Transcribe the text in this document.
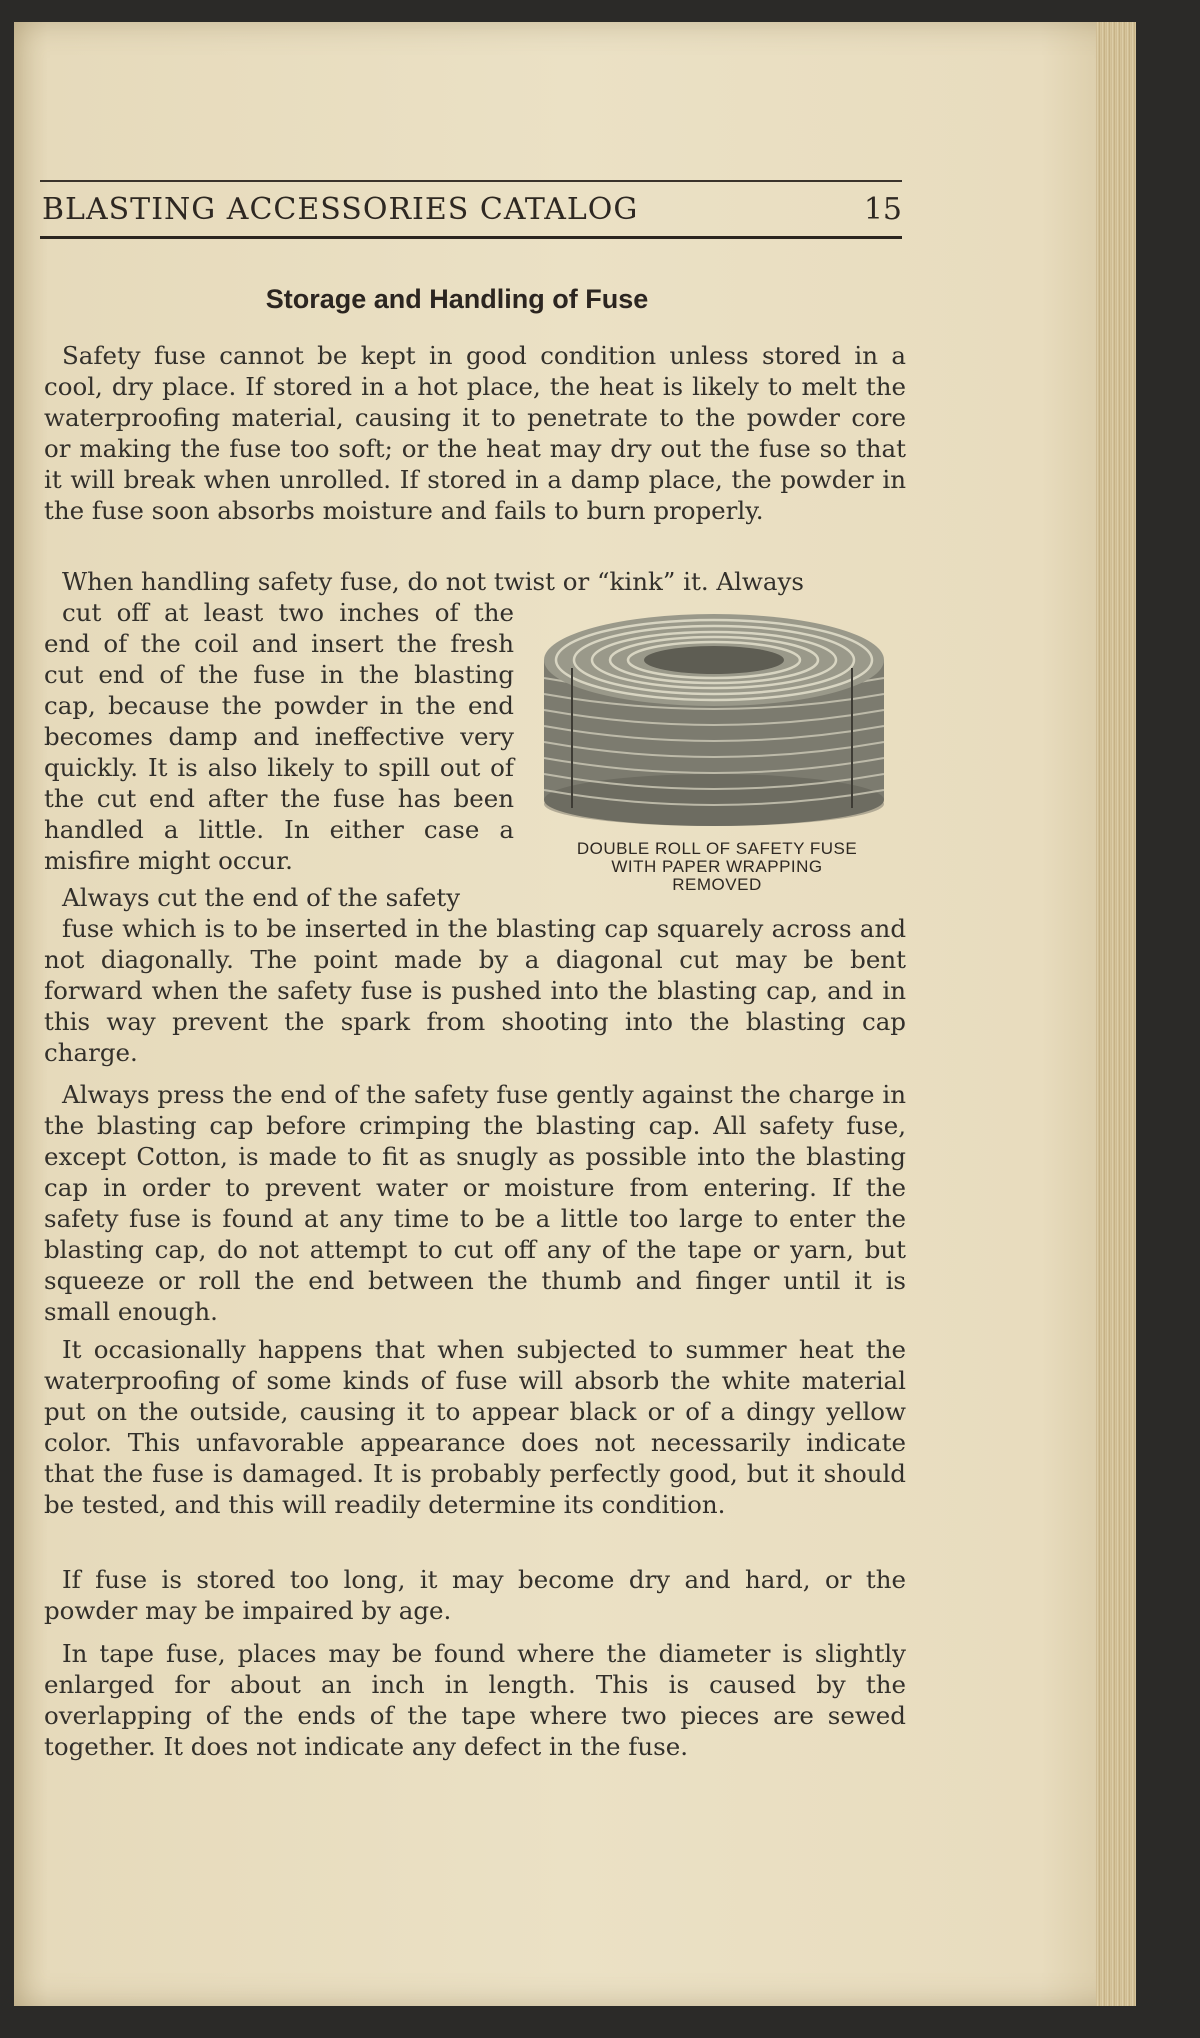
BLASTING ACCESSORIES CATALOG	15
Storage and Handling of Fuse

Safety fuse cannot be kept in good condition unless stored in a cool, dry place. If stored in a hot place, the heat is likely to melt the waterproofing material, causing it to penetrate to the powder core or making the fuse too soft; or the heat may dry out the fuse so that it will break when unrolled. If stored in a damp place, the powder in the fuse soon absorbs moisture and fails to burn properly.

When handling safety fuse, do not twist or “kink” it. Always

cut off at least two inches of the end of the coil and insert the fresh cut end of the fuse in the blasting cap, because the powder in the end becomes damp and ineffective very quickly. It is also likely to spill out of the cut end after the fuse has been handled a little. In either case a misfire might occur.	DOUBLE ROLL OF SAFETY FUSE
WITH PAPER WRAPPING
REMOVED

Always cut the end of the safety

fuse which is to be inserted in the blasting cap squarely across and not diagonally. The point made by a diagonal cut may be bent forward when the safety fuse is pushed into the blasting cap, and in this way prevent the spark from shooting into the blasting cap charge.

Always press the end of the safety fuse gently against the charge in the blasting cap before crimping the blasting cap. All safety fuse, except Cotton, is made to fit as snugly as possible into the blasting cap in order to prevent water or moisture from entering. If the safety fuse is found at any time to be a little too large to enter the blasting cap, do not attempt to cut off any of the tape or yarn, but squeeze or roll the end between the thumb and finger until it is small enough.

It occasionally happens that when subjected to summer heat the waterproofing of some kinds of fuse will absorb the white material put on the outside, causing it to appear black or of a dingy yellow color. This unfavorable appearance does not necessarily indicate that the fuse is damaged. It is probably perfectly good, but it should be tested, and this will readily determine its condition.

If fuse is stored too long, it may become dry and hard, or the powder may be impaired by age.

In tape fuse, places may be found where the diameter is slightly enlarged for about an inch in length. This is caused by the overlapping of the ends of the tape where two pieces are sewed together. It does not indicate any defect in the fuse.
